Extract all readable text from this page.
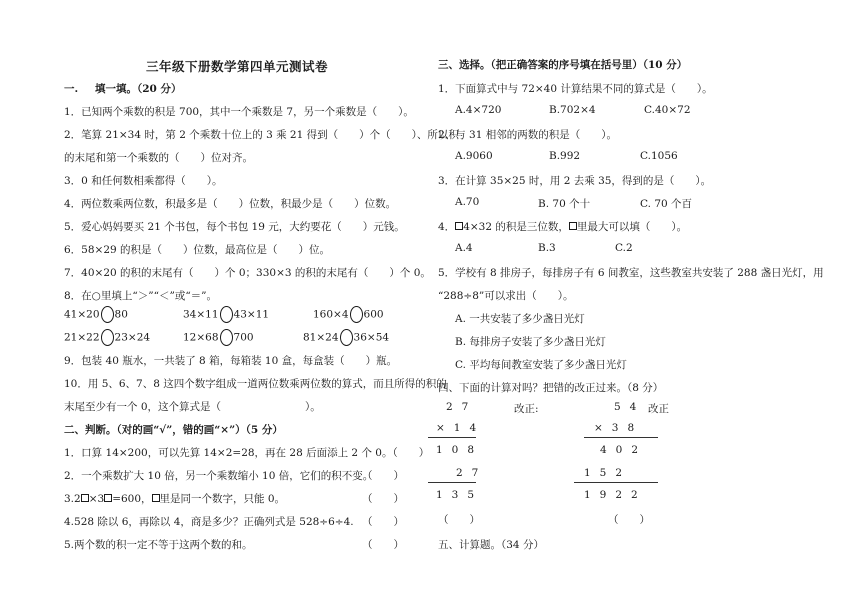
三年级下册数学第四单元测试卷
一. 填一填。（20 分）
1．已知两个乘数的积是 700，其中一个乘数是 7，另一个乘数是（　　）。
2．笔算 21×34 时，第 2 个乘数十位上的 3 乘 21 得到（　　）个（　　）、所以积
的末尾和第一个乘数的（　　）位对齐。
3．0 和任何数相乘都得（　　）。
4．两位数乘两位数，积最多是（　　）位数，积最少是（　　）位数。
5．爱心妈妈要买 21 个书包，每个书包 19 元，大约要花（　　）元钱。
6．58×29 的积是（　　）位数，最高位是（　　）位。
7．40×20 的积的末尾有（　　）个 0；330×3 的积的末尾有（　　）个 0。
8．在○里填上“＞”“＜”或“＝”。
41×20 80	34×11 43×11	160×4 600
21×22 23×24	12×68 700	81×24 36×54
9．包装 40 瓶水，一共装了 8 箱，每箱装 10 盒，每盒装（　　）瓶。
10．用 5、6、7、8 这四个数字组成一道两位数乘两位数的算式，而且所得的积的
末尾至少有一个 0，这个算式是（　　　　　　　　）。
二、判断。（对的画“√”，错的画“×”）（5 分）
1．口算 14×200，可以先算 14×2=28，再在 28 后面添上 2 个 0。（　　）
2．一个乘数扩大 10 倍，另一个乘数缩小 10 倍，它们的积不变。
（　　）
3.2 ×3 =600， 里是同一个数字，只能 0。	（　　）
4.528 除以 6，再除以 4，商是多少？正确列式是 528÷6÷4. （　　）
5.两个数的积一定不等于这两个数的和。	（　　）
三、选择。（把正确答案的序号填在括号里）（10 分）
1．下面算式中与 72×40 计算结果不同的算式是（　　）。
A.4×720	B.702×4	C.40×72
2．与 31 相邻的两数的积是（　　）。
A.9060	B.992	C.1056
3．在计算 35×25 时，用 2 去乘 35，得到的是（　　）。
A.70	B. 70 个十	C. 70 个百
4． 4×32 的积是三位数， 里最大可以填（　　）。
A.4	B.3	C.2
5．学校有 8 排房子，每排房子有 6 间教室，这些教室共安装了 288 盏日光灯，用
“288÷8”可以求出（　　）。
A. 一共安装了多少盏日光灯
B. 每排房子安装了多少盏日光灯
C. 平均每间教室安装了多少盏日光灯
四、下面的计算对吗？把错的改正过来。（8 分）
27	改正:
×14
108
27
135
（　　）
54 改正
×38
402
152
1922
（　　）
五、计算题。（34 分）
